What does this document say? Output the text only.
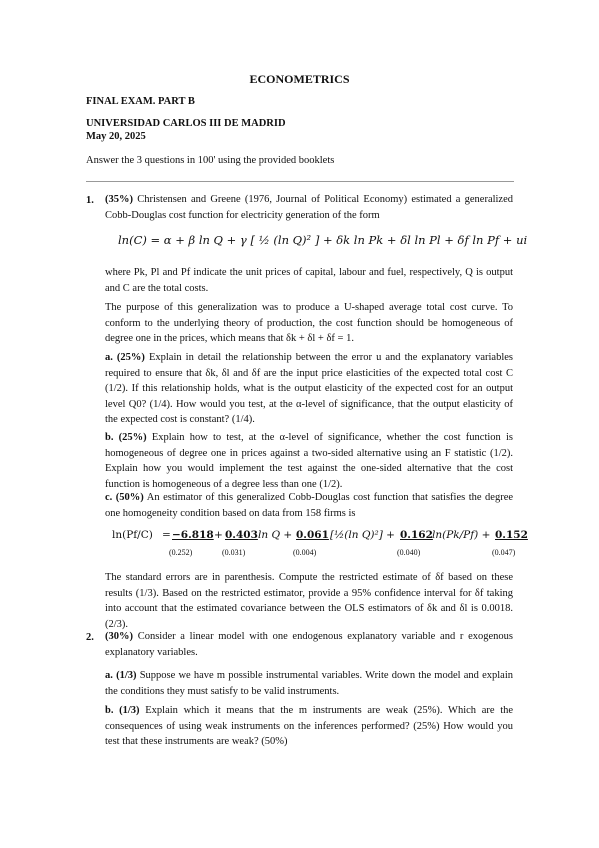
ECONOMETRICS
FINAL EXAM. PART B
UNIVERSIDAD CARLOS III DE MADRID
May 20, 2025
Answer the 3 questions in 100' using the provided booklets
1. (35%) Christensen and Greene (1976, Journal of Political Economy) estimated a generalized Cobb-Douglas cost function for electricity generation of the form
ln(C) = α + β ln Q + γ [ ½ (ln Q)² ] + δk ln Pk + δl ln Pl + δf ln Pf + ui
where Pk, Pl and Pf indicate the unit prices of capital, labour and fuel, respectively, Q is output and C are the total costs.
The purpose of this generalization was to produce a U-shaped average total cost curve. To conform to the underlying theory of production, the cost function should be homogeneous of degree one in the prices, which means that δk + δl + δf = 1.
a. (25%) Explain in detail the relationship between the error u and the explanatory variables required to ensure that δk, δl and δf are the input price elasticities of the expected total cost C (1/2). If this relationship holds, what is the output elasticity of the expected cost for an output level Q0? (1/4). How would you test, at the α-level of significance, that the output elasticity of the expected cost is constant? (1/4).
b. (25%) Explain how to test, at the α-level of significance, whether the cost function is homogeneous of degree one in prices against a two-sided alternative using an F statistic (1/2). Explain how you would implement the test against the one-sided alternative that the cost function is homogeneous of a degree less than one (1/2).
c. (50%) An estimator of this generalized Cobb-Douglas cost function that satisfies the degree one homogeneity condition based on data from 158 firms is
ln(Pf/C) = −6.818
(0.252)
+ 0.403
(0.031)
ln Q + 0.061
(0.004)
[½(ln Q)²] + 0.162
(0.040)
ln(Pk/Pf) + 0.152
(0.047)
The standard errors are in parenthesis. Compute the restricted estimate of δf based on these results (1/3). Based on the restricted estimator, provide a 95% confidence interval for δf taking into account that the estimated covariance between the OLS estimators of δk and δl is 0.0018. (2/3).
2. (30%) Consider a linear model with one endogenous explanatory variable and r exogenous explanatory variables.
a. (1/3) Suppose we have m possible instrumental variables. Write down the model and explain the conditions they must satisfy to be valid instruments.
b. (1/3) Explain which it means that the m instruments are weak (25%). Which are the consequences of using weak instruments on the inferences performed? (25%) How would you test that these instruments are weak? (50%)
